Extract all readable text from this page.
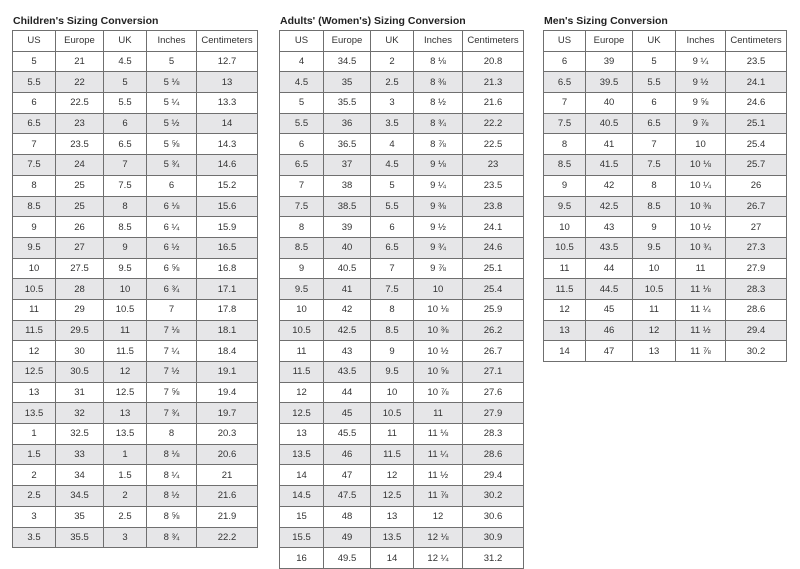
Children's Sizing Conversion
US	Europe	UK	Inches	Centimeters
5	21	4.5	5	12.7
5.5	22	5	5 ⅛	13
6	22.5	5.5	5 ¼	13.3
6.5	23	6	5 ½	14
7	23.5	6.5	5 ⅝	14.3
7.5	24	7	5 ¾	14.6
8	25	7.5	6	15.2
8.5	25	8	6 ⅛	15.6
9	26	8.5	6 ¼	15.9
9.5	27	9	6 ½	16.5
10	27.5	9.5	6 ⅝	16.8
10.5	28	10	6 ¾	17.1
11	29	10.5	7	17.8
11.5	29.5	11	7 ⅛	18.1
12	30	11.5	7 ¼	18.4
12.5	30.5	12	7 ½	19.1
13	31	12.5	7 ⅝	19.4
13.5	32	13	7 ¾	19.7
1	32.5	13.5	8	20.3
1.5	33	1	8 ⅛	20.6
2	34	1.5	8 ¼	21
2.5	34.5	2	8 ½	21.6
3	35	2.5	8 ⅝	21.9
3.5	35.5	3	8 ¾	22.2
Adults' (Women's) Sizing Conversion
US	Europe	UK	Inches	Centimeters
4	34.5	2	8 ⅛	20.8
4.5	35	2.5	8 ⅜	21.3
5	35.5	3	8 ½	21.6
5.5	36	3.5	8 ¾	22.2
6	36.5	4	8 ⅞	22.5
6.5	37	4.5	9 ⅛	23
7	38	5	9 ¼	23.5
7.5	38.5	5.5	9 ⅜	23.8
8	39	6	9 ½	24.1
8.5	40	6.5	9 ¾	24.6
9	40.5	7	9 ⅞	25.1
9.5	41	7.5	10	25.4
10	42	8	10 ⅛	25.9
10.5	42.5	8.5	10 ⅜	26.2
11	43	9	10 ½	26.7
11.5	43.5	9.5	10 ⅝	27.1
12	44	10	10 ⅞	27.6
12.5	45	10.5	11	27.9
13	45.5	11	11 ⅛	28.3
13.5	46	11.5	11 ¼	28.6
14	47	12	11 ½	29.4
14.5	47.5	12.5	11 ⅞	30.2
15	48	13	12	30.6
15.5	49	13.5	12 ⅛	30.9
16	49.5	14	12 ¼	31.2
Men's Sizing Conversion
US	Europe	UK	Inches	Centimeters
6	39	5	9 ¼	23.5
6.5	39.5	5.5	9 ½	24.1
7	40	6	9 ⅝	24.6
7.5	40.5	6.5	9 ⅞	25.1
8	41	7	10	25.4
8.5	41.5	7.5	10 ⅛	25.7
9	42	8	10 ¼	26
9.5	42.5	8.5	10 ⅜	26.7
10	43	9	10 ½	27
10.5	43.5	9.5	10 ¾	27.3
11	44	10	11	27.9
11.5	44.5	10.5	11 ⅛	28.3
12	45	11	11 ¼	28.6
13	46	12	11 ½	29.4
14	47	13	11 ⅞	30.2
